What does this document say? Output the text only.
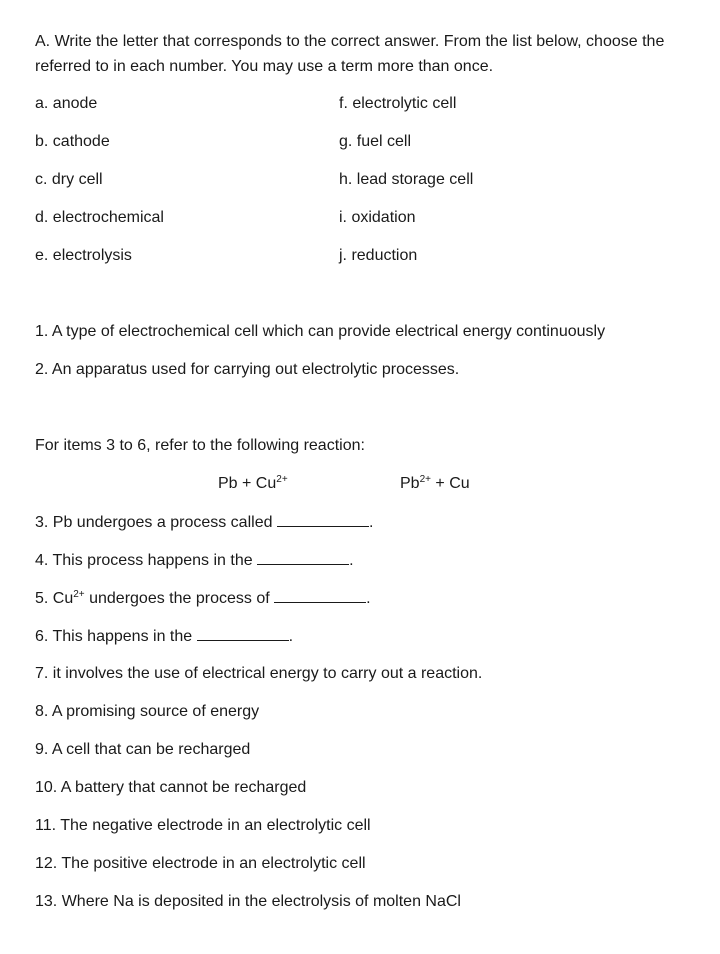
A. Write the letter that corresponds to the correct answer. From the list below, choose the
referred to in each number. You may use a term more than once.
a. anode
b. cathode
c. dry cell
d. electrochemical
e. electrolysis
f. electrolytic cell
g. fuel cell
h. lead storage cell
i. oxidation
j. reduction
1. A type of electrochemical cell which can provide electrical energy continuously
2. An apparatus used for carrying out electrolytic processes.
For items 3 to 6, refer to the following reaction:
$Pb + Cu^{2+}$	$Pb^{2+} + Cu$
3. Pb undergoes a process called	.
4. This process happens in the	.
5. $Cu^{2+}$ undergoes the process of	.
6. This happens in the	.
7. it involves the use of electrical energy to carry out a reaction.
8. A promising source of energy
9. A cell that can be recharged
10. A battery that cannot be recharged
11. The negative electrode in an electrolytic cell
12. The positive electrode in an electrolytic cell
13. Where Na is deposited in the electrolysis of molten NaCl
